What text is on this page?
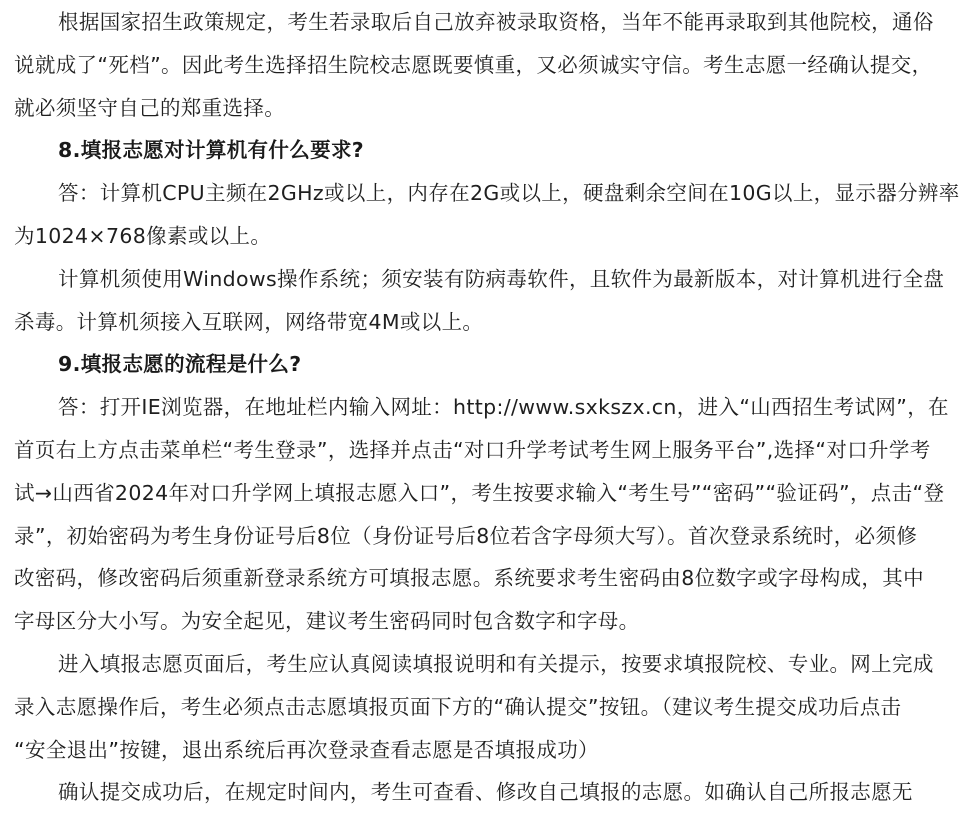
根据国家招生政策规定，考生若录取后自己放弃被录取资格，当年不能再录取到其他院校，通俗
说就成了“死档”。因此考生选择招生院校志愿既要慎重，又必须诚实守信。考生志愿一经确认提交，
就必须坚守自己的郑重选择。
8.填报志愿对计算机有什么要求?
答：计算机CPU主频在2GHz或以上，内存在2G或以上，硬盘剩余空间在10G以上，显示器分辨率
为1024×768像素或以上。
计算机须使用Windows操作系统；须安装有防病毒软件，且软件为最新版本，对计算机进行全盘
杀毒。计算机须接入互联网，网络带宽4M或以上。
9.填报志愿的流程是什么?
答：打开IE浏览器，在地址栏内输入网址：http://www.sxkszx.cn，进入“山西招生考试网”，在
首页右上方点击菜单栏“考生登录”，选择并点击“对口升学考试考生网上服务平台”,选择“对口升学考
试→山西省2024年对口升学网上填报志愿入口”，考生按要求输入“考生号”“密码”“验证码”，点击“登
录”，初始密码为考生身份证号后8位（身份证号后8位若含字母须大写）。首次登录系统时，必须修
改密码，修改密码后须重新登录系统方可填报志愿。系统要求考生密码由8位数字或字母构成，其中
字母区分大小写。为安全起见，建议考生密码同时包含数字和字母。
进入填报志愿页面后，考生应认真阅读填报说明和有关提示，按要求填报院校、专业。网上完成
录入志愿操作后，考生必须点击志愿填报页面下方的“确认提交”按钮。（建议考生提交成功后点击
“安全退出”按键，退出系统后再次登录查看志愿是否填报成功）
确认提交成功后，在规定时间内，考生可查看、修改自己填报的志愿。如确认自己所报志愿无
